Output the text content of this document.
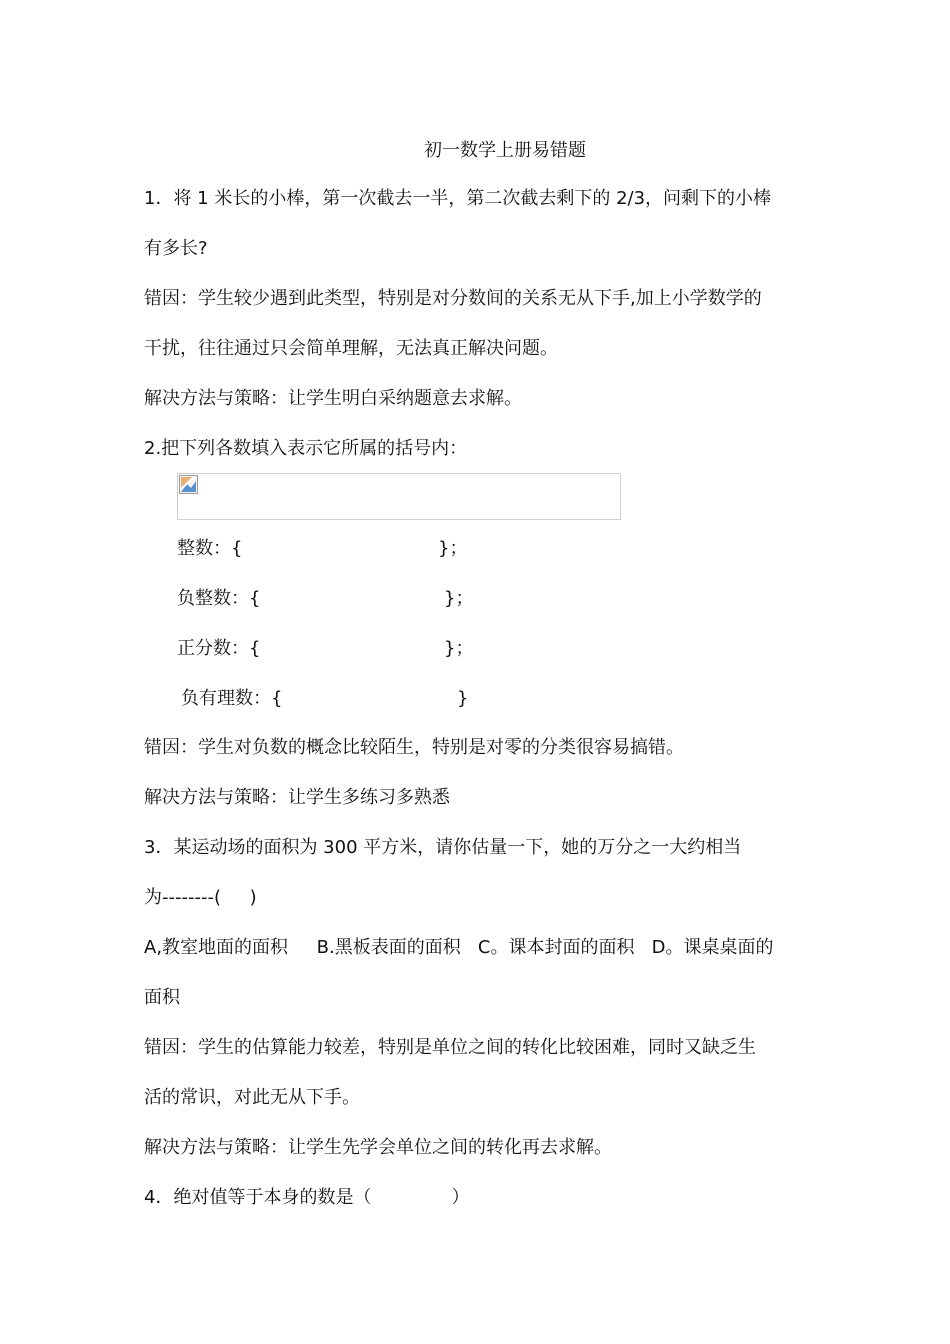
初一数学上册易错题
1．将 1 米长的小棒，第一次截去一半，第二次截去剩下的 2/3，问剩下的小棒
有多长?
错因：学生较少遇到此类型，特别是对分数间的关系无从下手,加上小学数学的
干扰，往往通过只会简单理解，无法真正解决问题。
解决方法与策略：让学生明白采纳题意去求解。
2.把下列各数填入表示它所属的括号内：
整数：{	}；
负整数：{	}；
正分数：{	}；
负有理数：{	}
错因：学生对负数的概念比较陌生，特别是对零的分类很容易搞错。
解决方法与策略：让学生多练习多熟悉
3．某运动场的面积为 300 平方米，请你估量一下，她的万分之一大约相当
为--------(     )
A,教室地面的面积     B.黑板表面的面积   C。课本封面的面积   D。课桌桌面的
面积
错因：学生的估算能力较差，特别是单位之间的转化比较困难，同时又缺乏生
活的常识，对此无从下手。
解决方法与策略：让学生先学会单位之间的转化再去求解。
4．绝对值等于本身的数是（              ）
